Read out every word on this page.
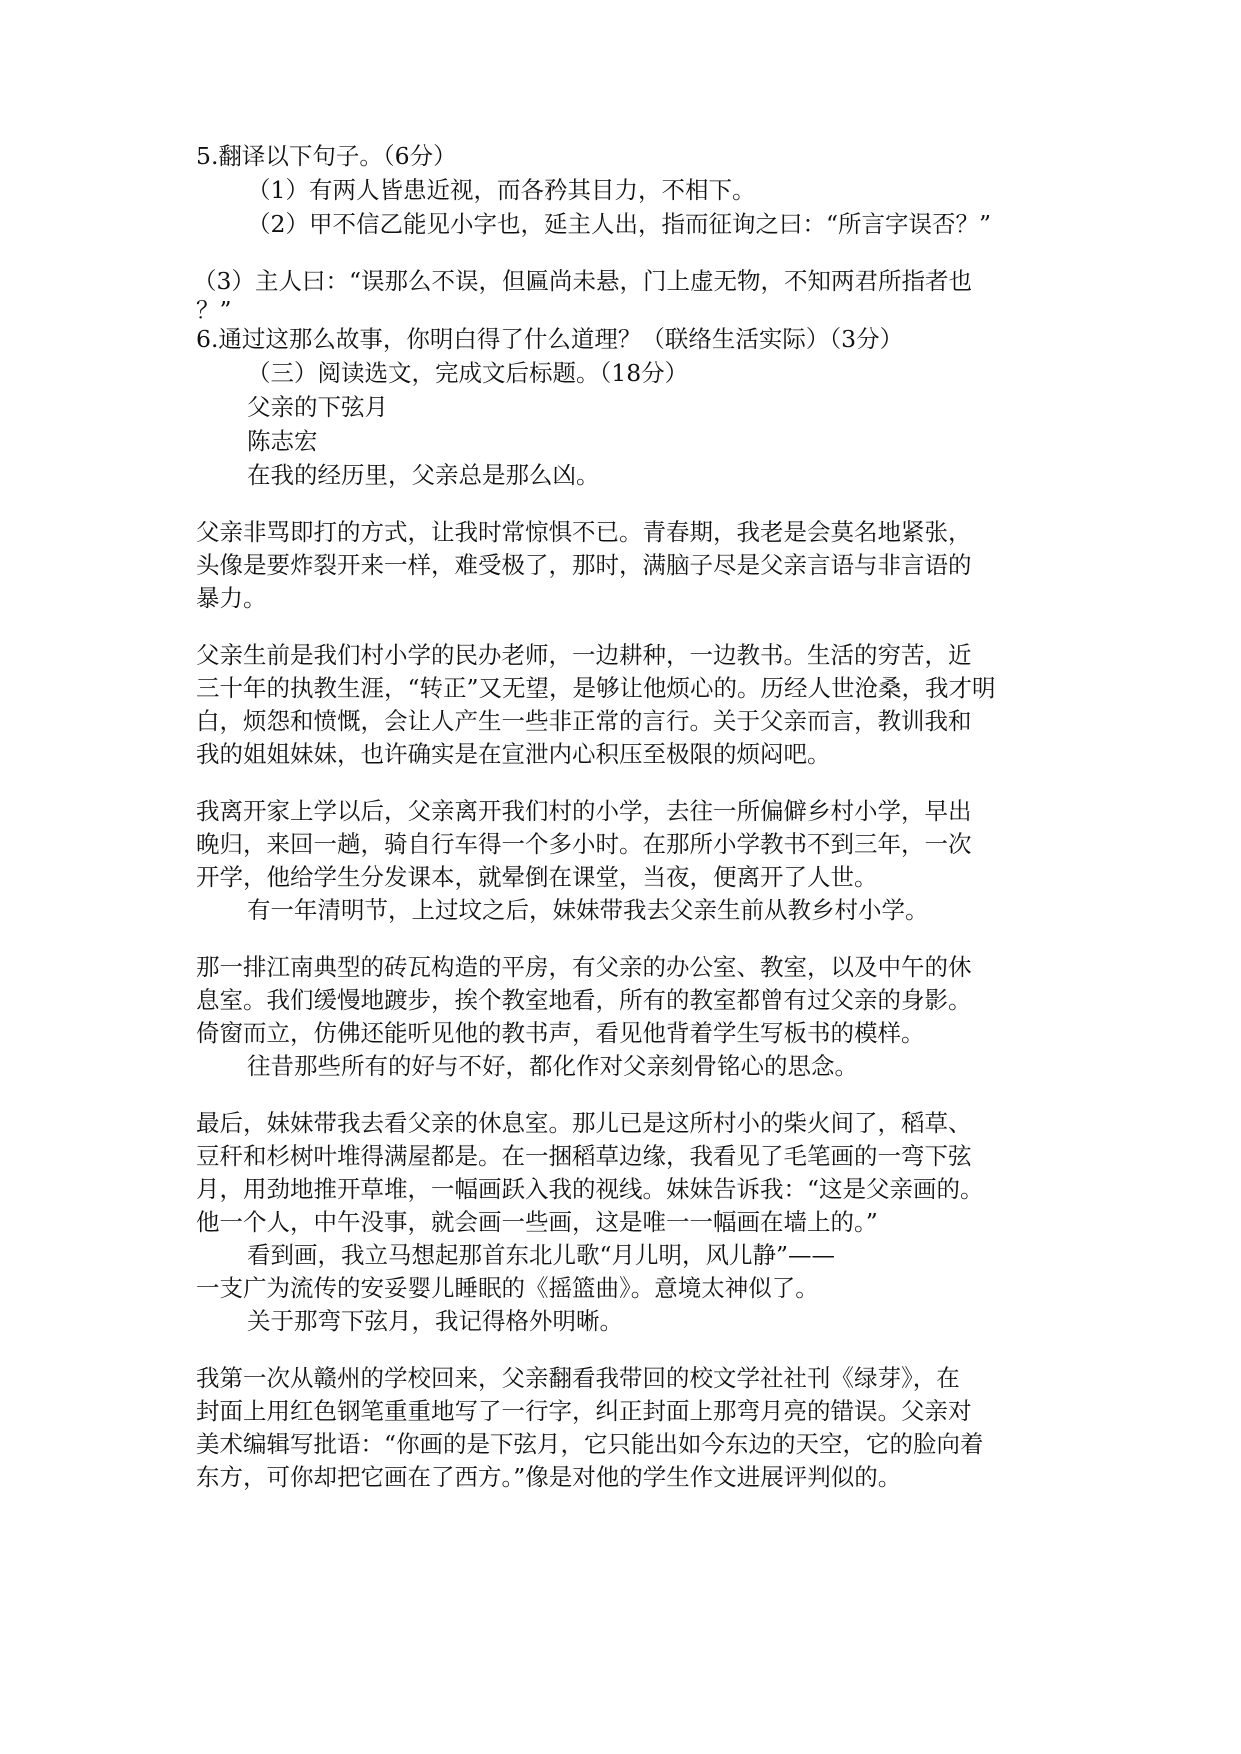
5.翻译以下句子。（6分）

（1）有两人皆患近视，而各矜其目力，不相下。

（2）甲不信乙能见小字也，延主人出，指而征询之曰：“所言字误否？”

（3）主人曰：“误那么不误，但匾尚未悬，门上虚无物，不知两君所指者也

？”

6.通过这那么故事，你明白得了什么道理？（联络生活实际）（3分）

（三）阅读选文，完成文后标题。（18分）

父亲的下弦月

陈志宏

在我的经历里，父亲总是那么凶。

父亲非骂即打的方式，让我时常惊惧不已。青春期，我老是会莫名地紧张，

头像是要炸裂开来一样，难受极了，那时，满脑子尽是父亲言语与非言语的

暴力。

父亲生前是我们村小学的民办老师，一边耕种，一边教书。生活的穷苦，近

三十年的执教生涯，“转正”又无望，是够让他烦心的。历经人世沧桑，我才明

白，烦怨和愤慨，会让人产生一些非正常的言行。关于父亲而言，教训我和

我的姐姐妹妹，也许确实是在宣泄内心积压至极限的烦闷吧。

我离开家上学以后，父亲离开我们村的小学，去往一所偏僻乡村小学，早出

晚归，来回一趟，骑自行车得一个多小时。在那所小学教书不到三年，一次

开学，他给学生分发课本，就晕倒在课堂，当夜，便离开了人世。

有一年清明节，上过坟之后，妹妹带我去父亲生前从教乡村小学。

那一排江南典型的砖瓦构造的平房，有父亲的办公室、教室，以及中午的休

息室。我们缓慢地踱步，挨个教室地看，所有的教室都曾有过父亲的身影。

倚窗而立，仿佛还能听见他的教书声，看见他背着学生写板书的模样。

往昔那些所有的好与不好，都化作对父亲刻骨铭心的思念。

最后，妹妹带我去看父亲的休息室。那儿已是这所村小的柴火间了，稻草、

豆秆和杉树叶堆得满屋都是。在一捆稻草边缘，我看见了毛笔画的一弯下弦

月，用劲地推开草堆，一幅画跃入我的视线。妹妹告诉我：“这是父亲画的。

他一个人，中午没事，就会画一些画，这是唯一一幅画在墙上的。”

看到画，我立马想起那首东北儿歌“月儿明，风儿静”——

一支广为流传的安妥婴儿睡眠的《摇篮曲》。意境太神似了。

关于那弯下弦月，我记得格外明晰。

我第一次从赣州的学校回来，父亲翻看我带回的校文学社社刊《绿芽》，在

封面上用红色钢笔重重地写了一行字，纠正封面上那弯月亮的错误。父亲对

美术编辑写批语：“你画的是下弦月，它只能出如今东边的天空，它的脸向着

东方，可你却把它画在了西方。”像是对他的学生作文进展评判似的。
